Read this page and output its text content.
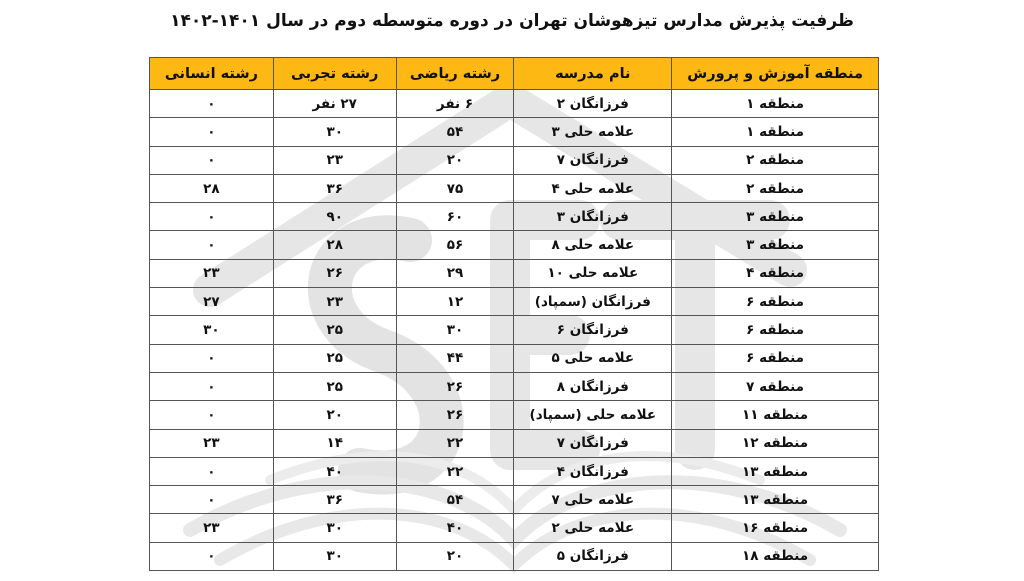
ظرفیت پذیرش مدارس تیزهوشان تهران در دوره متوسطه دوم در سال ۱۴۰۱-۱۴۰۲
منطقه آموزش و پرورش	نام مدرسه	رشته ریاضی	رشته تجربی	رشته انسانی
منطقه ۱	فرزانگان ۲	۶ نفر	۲۷ نفر	۰
منطقه ۱	علامه حلی ۳	۵۴	۳۰	۰
منطقه ۲	فرزانگان ۷	۲۰	۲۳	۰
منطقه ۲	علامه حلی ۴	۷۵	۳۶	۲۸
منطقه ۳	فرزانگان ۳	۶۰	۹۰	۰
منطقه ۳	علامه حلی ۸	۵۶	۲۸	۰
منطقه ۴	علامه حلی ۱۰	۲۹	۲۶	۲۳
منطقه ۶	فرزانگان (سمپاد)	۱۲	۲۳	۲۷
منطقه ۶	فرزانگان ۶	۳۰	۲۵	۳۰
منطقه ۶	علامه حلی ۵	۴۴	۲۵	۰
منطقه ۷	فرزانگان ۸	۲۶	۲۵	۰
منطقه ۱۱	علامه حلی (سمپاد)	۲۶	۲۰	۰
منطقه ۱۲	فرزانگان ۷	۲۲	۱۴	۲۳
منطقه ۱۳	فرزانگان ۴	۲۲	۴۰	۰
منطقه ۱۳	علامه حلی ۷	۵۴	۳۶	۰
منطقه ۱۶	علامه حلی ۲	۴۰	۳۰	۲۳
منطقه ۱۸	فرزانگان ۵	۲۰	۳۰	۰
